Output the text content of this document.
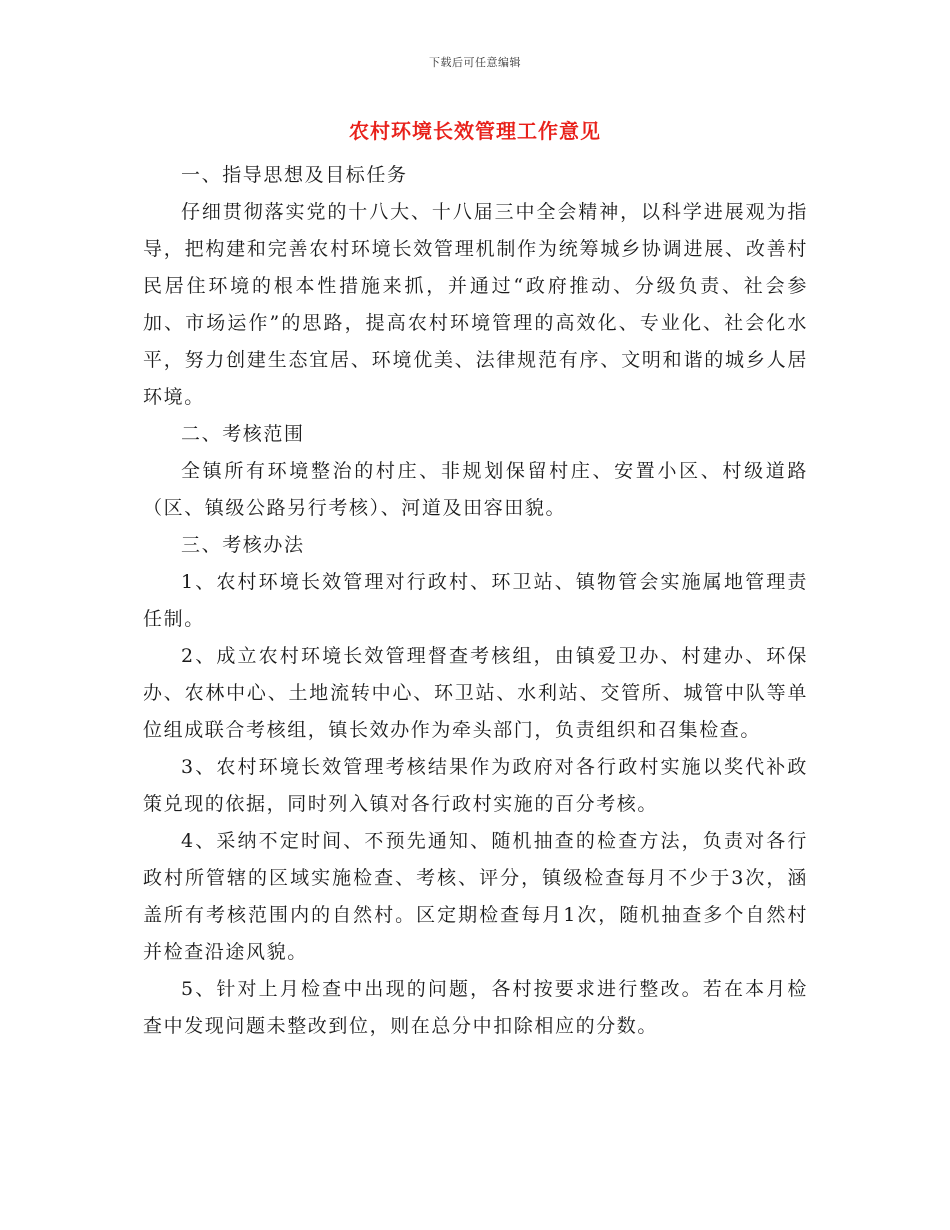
下载后可任意编辑
农村环境长效管理工作意见

一、指导思想及目标任务

仔细贯彻落实党的十八大、十八届三中全会精神，以科学进展观为指导，把构建和完善农村环境长效管理机制作为统筹城乡协调进展、改善村民居住环境的根本性措施来抓，并通过“政府推动、分级负责、社会参加、市场运作”的思路，提高农村环境管理的高效化、专业化、社会化水平，努力创建生态宜居、环境优美、法律规范有序、文明和谐的城乡人居环境。

二、考核范围

全镇所有环境整治的村庄、非规划保留村庄、安置小区、村级道路（区、镇级公路另行考核）、河道及田容田貌。

三、考核办法

1、农村环境长效管理对行政村、环卫站、镇物管会实施属地管理责任制。

2、成立农村环境长效管理督查考核组，由镇爱卫办、村建办、环保办、农林中心、土地流转中心、环卫站、水利站、交管所、城管中队等单位组成联合考核组，镇长效办作为牵头部门，负责组织和召集检查。

3、农村环境长效管理考核结果作为政府对各行政村实施以奖代补政策兑现的依据，同时列入镇对各行政村实施的百分考核。

4、采纳不定时间、不预先通知、随机抽查的检查方法，负责对各行政村所管辖的区域实施检查、考核、评分，镇级检查每月不少于3次，涵盖所有考核范围内的自然村。区定期检查每月1次，随机抽查多个自然村并检查沿途风貌。

5、针对上月检查中出现的问题，各村按要求进行整改。若在本月检查中发现问题未整改到位，则在总分中扣除相应的分数。
